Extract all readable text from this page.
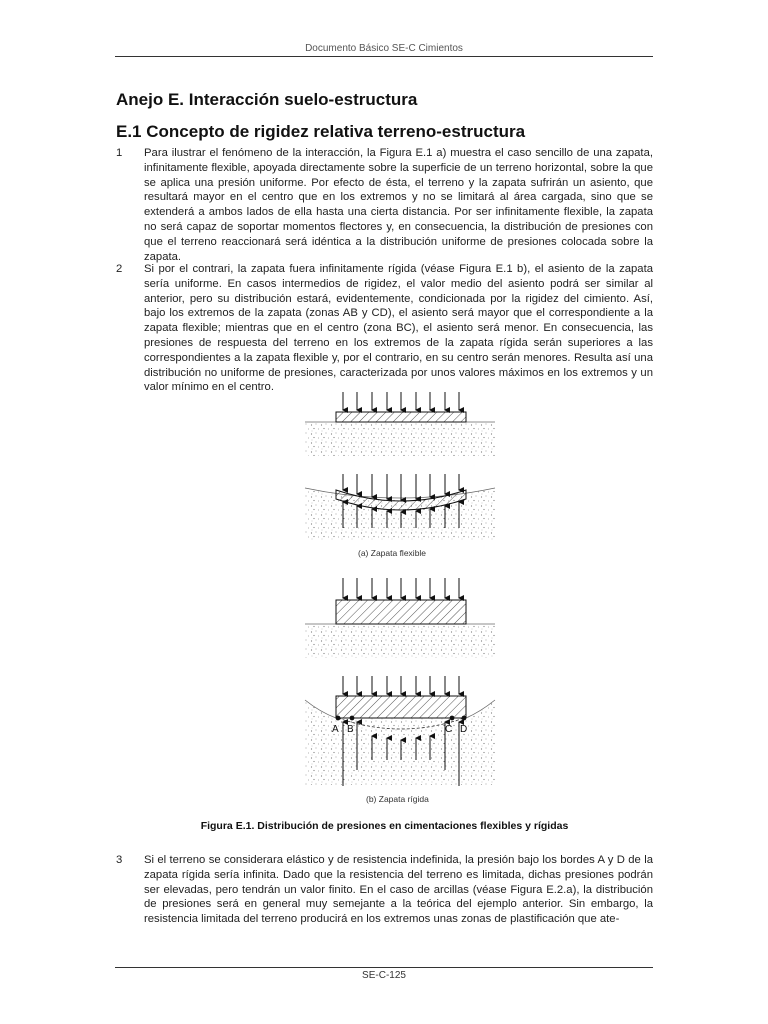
Documento Básico SE-C Cimientos
Anejo E. Interacción suelo-estructura
E.1 Concepto de rigidez relativa terreno-estructura
1 Para ilustrar el fenómeno de la interacción, la Figura E.1 a) muestra el caso sencillo de una zapata, infinitamente flexible, apoyada directamente sobre la superficie de un terreno horizontal, sobre la que se aplica una presión uniforme. Por efecto de ésta, el terreno y la zapata sufrirán un asiento, que resultará mayor en el centro que en los extremos y no se limitará al área cargada, sino que se extenderá a ambos lados de ella hasta una cierta distancia. Por ser infinitamente flexible, la zapata no será capaz de soportar momentos flectores y, en consecuencia, la distribución de presiones con que el terreno reaccionará será idéntica a la distribución uniforme de presiones colocada sobre la zapata.
2 Si por el contrari, la zapata fuera infinitamente rígida (véase Figura E.1 b), el asiento de la zapata sería uniforme. En casos intermedios de rigidez, el valor medio del asiento podrá ser similar al anterior, pero su distribución estará, evidentemente, condicionada por la rigidez del cimiento. Así, bajo los extremos de la zapata (zonas AB y CD), el asiento será mayor que el correspondiente a la zapata flexible; mientras que en el centro (zona BC), el asiento será menor. En consecuencia, las presiones de respuesta del terreno en los extremos de la zapata rígida serán superiores a las correspondientes a la zapata flexible y, por el contrario, en su centro serán menores. Resulta así una distribución no uniforme de presiones, caracterizada por unos valores máximos en los extremos y un valor mínimo en el centro.
(a) Zapata flexible
(b) Zapata rígida
A B	C D
Figura E.1. Distribución de presiones en cimentaciones flexibles y rígidas
3 Si el terreno se considerara elástico y de resistencia indefinida, la presión bajo los bordes A y D de la zapata rígida sería infinita. Dado que la resistencia del terreno es limitada, dichas presiones podrán ser elevadas, pero tendrán un valor finito. En el caso de arcillas (véase Figura E.2.a), la distribución de presiones será en general muy semejante a la teórica del ejemplo anterior. Sin embargo, la resistencia limitada del terreno producirá en los extremos unas zonas de plastificación que ate-
SE-C-125
